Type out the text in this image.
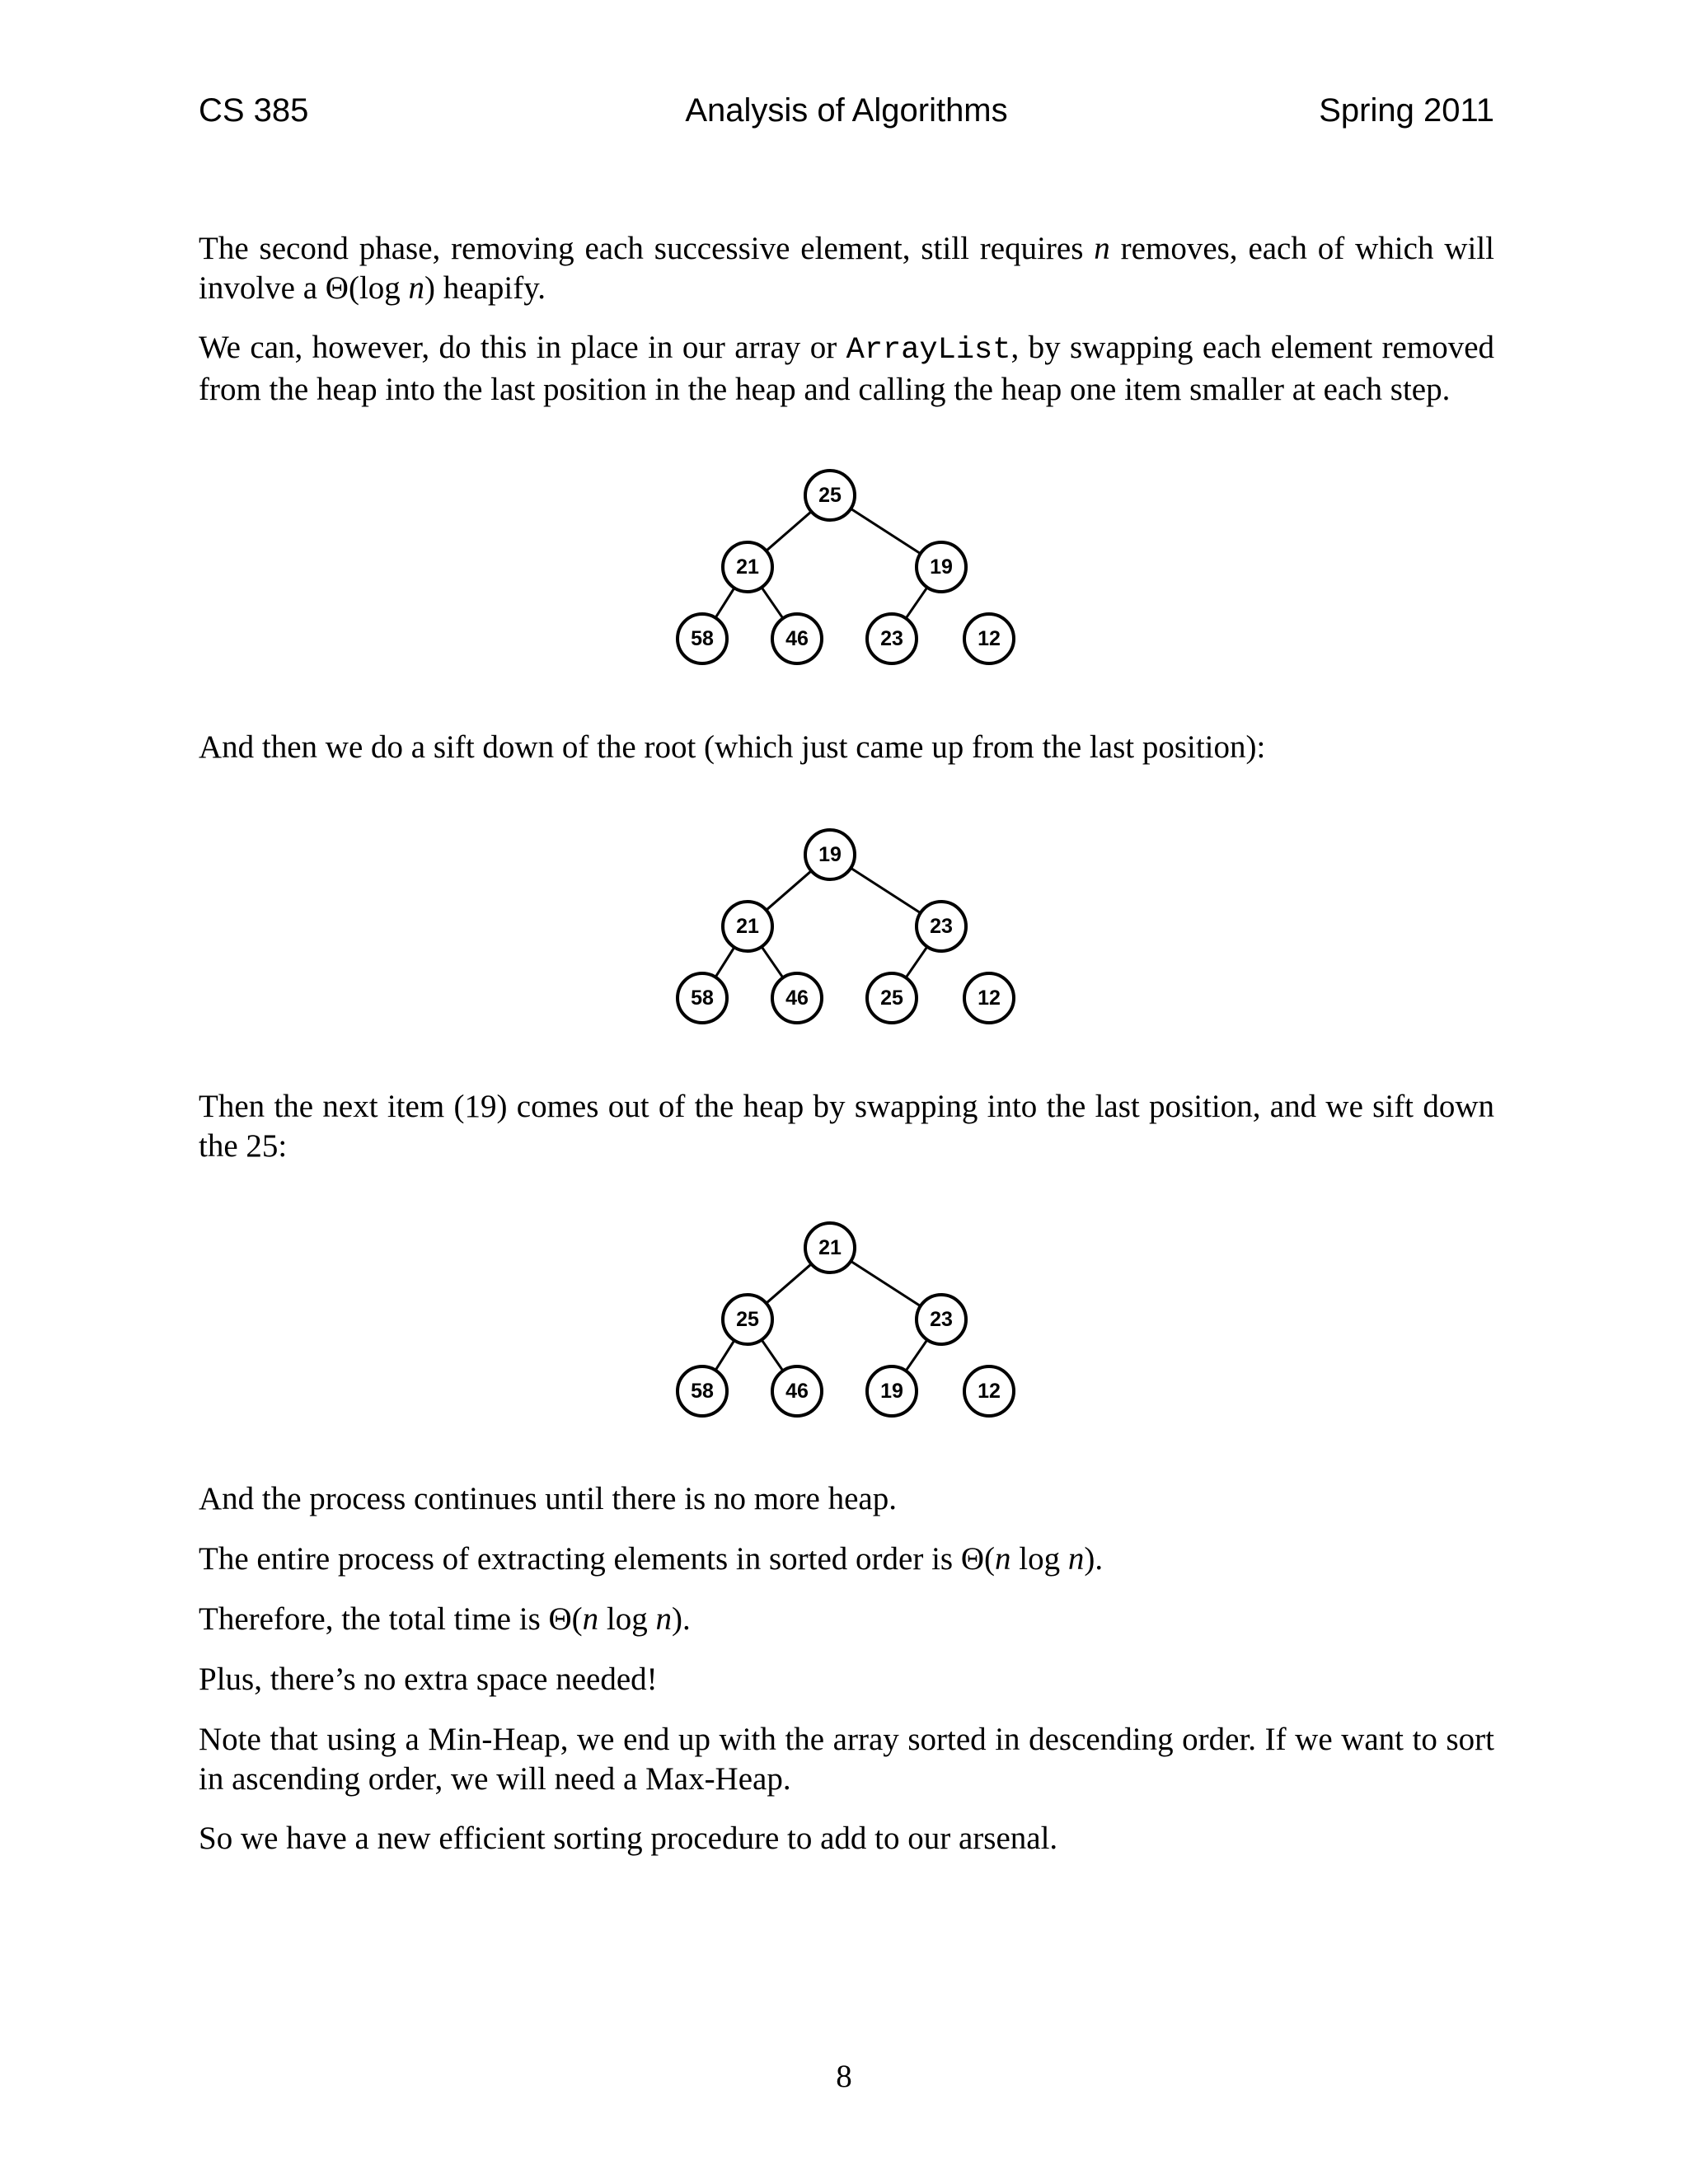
CS 385	Analysis of Algorithms	Spring 2011

The second phase, removing each successive element, still requires n removes, each of which will involve a Θ(log n) heapify.

We can, however, do this in place in our array or ArrayList, by swapping each element removed from the heap into the last position in the heap and calling the heap one item smaller at each step.

25
21	19
58	46	23	12

And then we do a sift down of the root (which just came up from the last position):

19
21	23
58	46	25	12

Then the next item (19) comes out of the heap by swapping into the last position, and we sift down the 25:

21
25	23
58	46	19	12

And the process continues until there is no more heap.

The entire process of extracting elements in sorted order is Θ(n log n).

Therefore, the total time is Θ(n log n).

Plus, there’s no extra space needed!

Note that using a Min-Heap, we end up with the array sorted in descending order. If we want to sort in ascending order, we will need a Max-Heap.

So we have a new efficient sorting procedure to add to our arsenal.

8
